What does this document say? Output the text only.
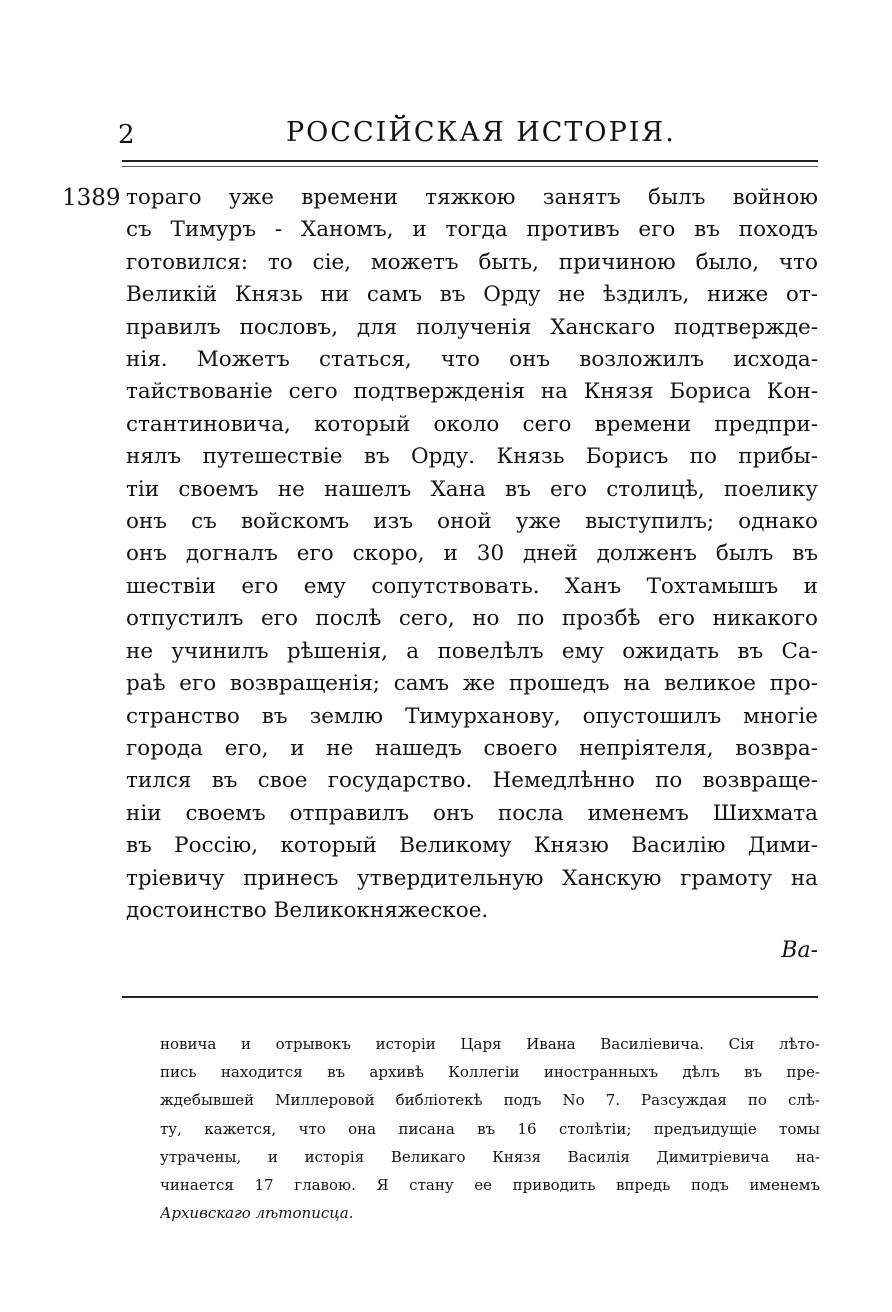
2	РОССІЙСКАЯ ИСТОРІЯ.
1389 тораго уже времени тяжкою занятъ былъ войною
съ Тимуръ - Ханомъ, и тогда противъ его въ походъ
готовился: то сіе, можетъ быть, причиною было, что
Великій Князь ни самъ въ Орду не ѣздилъ, ниже от-
правилъ пословъ, для полученія Ханскаго подтвержде-
нія. Можетъ статься, что онъ возложилъ исхода-
тайствованіе сего подтвержденія на Князя Бориса Кон-
стантиновича, который около сего времени предпри-
нялъ путешествіе въ Орду. Князь Борисъ по прибы-
тіи своемъ не нашелъ Хана въ его столицѣ, поелику
онъ съ войскомъ изъ оной уже выступилъ; однако
онъ догналъ его скоро, и 30 дней долженъ былъ въ
шествіи его ему сопутствовать. Ханъ Тохтамышъ и
отпустилъ его послѣ сего, но по прозбѣ его никакого
не учинилъ рѣшенія, а повелѣлъ ему ожидать въ Са-
раѣ его возвращенія; самъ же прошедъ на великое про-
странство въ землю Тимурханову, опустошилъ многіе
города его, и не нашедъ своего непріятеля, возвра-
тился въ свое государство. Немедлѣнно по возвраще-
ніи своемъ отправилъ онъ посла именемъ Шихмата
въ Россію, который Великому Князю Василію Дими-
тріевичу принесъ утвердительную Ханскую грамоту на
достоинство Великокняжеское.
Ва-
новича и отрывокъ исторіи Царя Ивана Василіевича. Сія лѣто-
пись находится въ архивѣ Коллегіи иностранныхъ дѣлъ въ пре-
ждебывшей Миллеровой библіотекѣ подъ No 7. Разсуждая по слѣ-
ту, кажется, что она писана въ 16 столѣтіи; предъидущіе томы
утрачены, и исторія Великаго Князя Василія Димитріевича на-
чинается 17 главою. Я стану ее приводить впредь подъ именемъ
Архивскаго лѣтописца.
